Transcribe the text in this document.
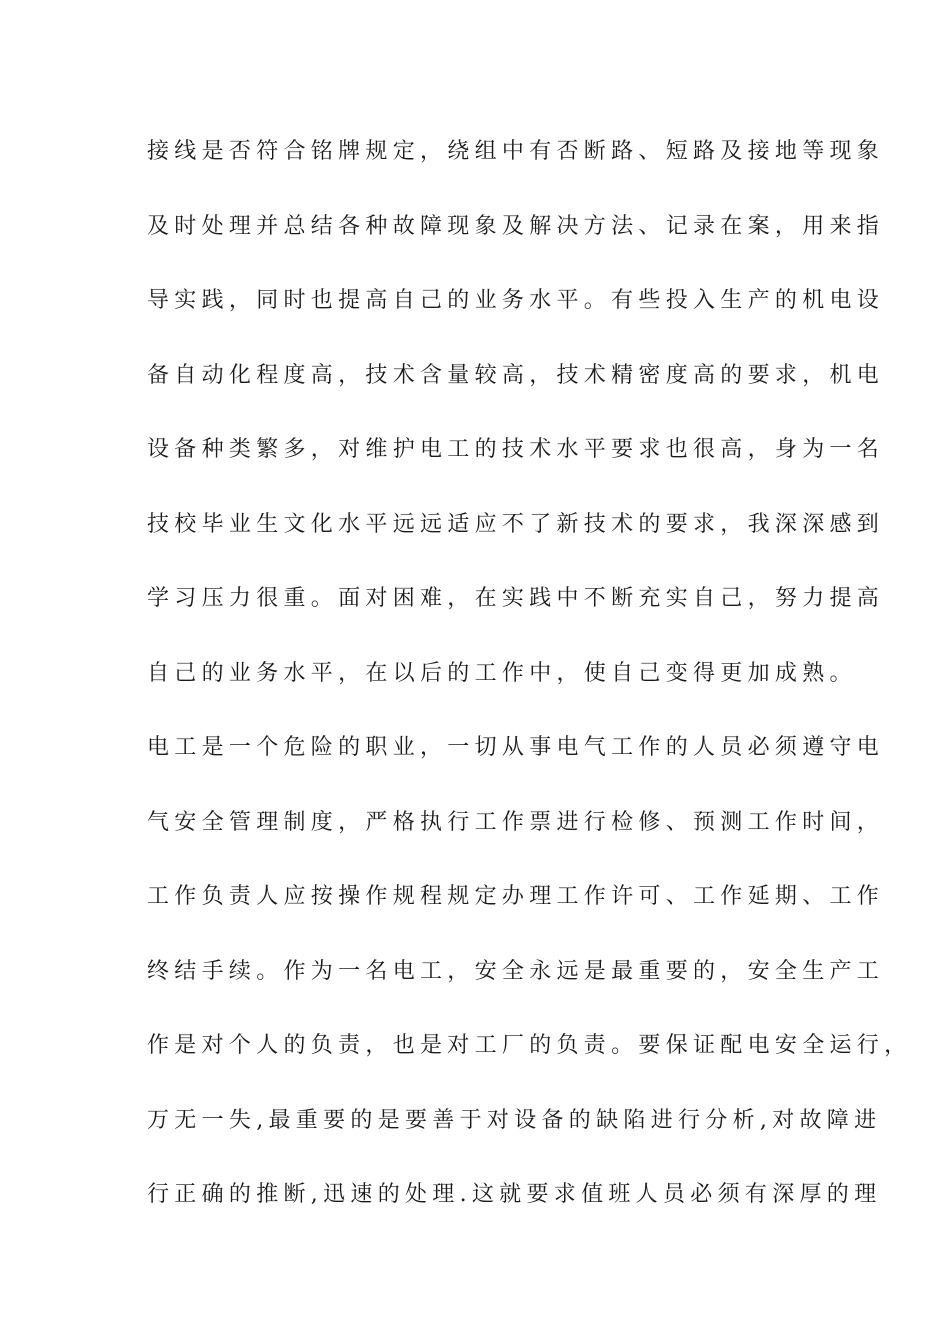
接线是否符合铭牌规定，绕组中有否断路、短路及接地等现象
及时处理并总结各种故障现象及解决方法、记录在案，用来指
导实践，同时也提高自己的业务水平。有些投入生产的机电设
备自动化程度高，技术含量较高，技术精密度高的要求，机电
设备种类繁多，对维护电工的技术水平要求也很高，身为一名
技校毕业生文化水平远远适应不了新技术的要求，我深深感到
学习压力很重。面对困难，在实践中不断充实自己，努力提高
自己的业务水平，在以后的工作中，使自己变得更加成熟。
电工是一个危险的职业，一切从事电气工作的人员必须遵守电
气安全管理制度，严格执行工作票进行检修、预测工作时间，
工作负责人应按操作规程规定办理工作许可、工作延期、工作
终结手续。作为一名电工，安全永远是最重要的，安全生产工
作是对个人的负责，也是对工厂的负责。要保证配电安全运行，
万无一失,最重要的是要善于对设备的缺陷进行分析,对故障进
行正确的推断,迅速的处理.这就要求值班人员必须有深厚的理
